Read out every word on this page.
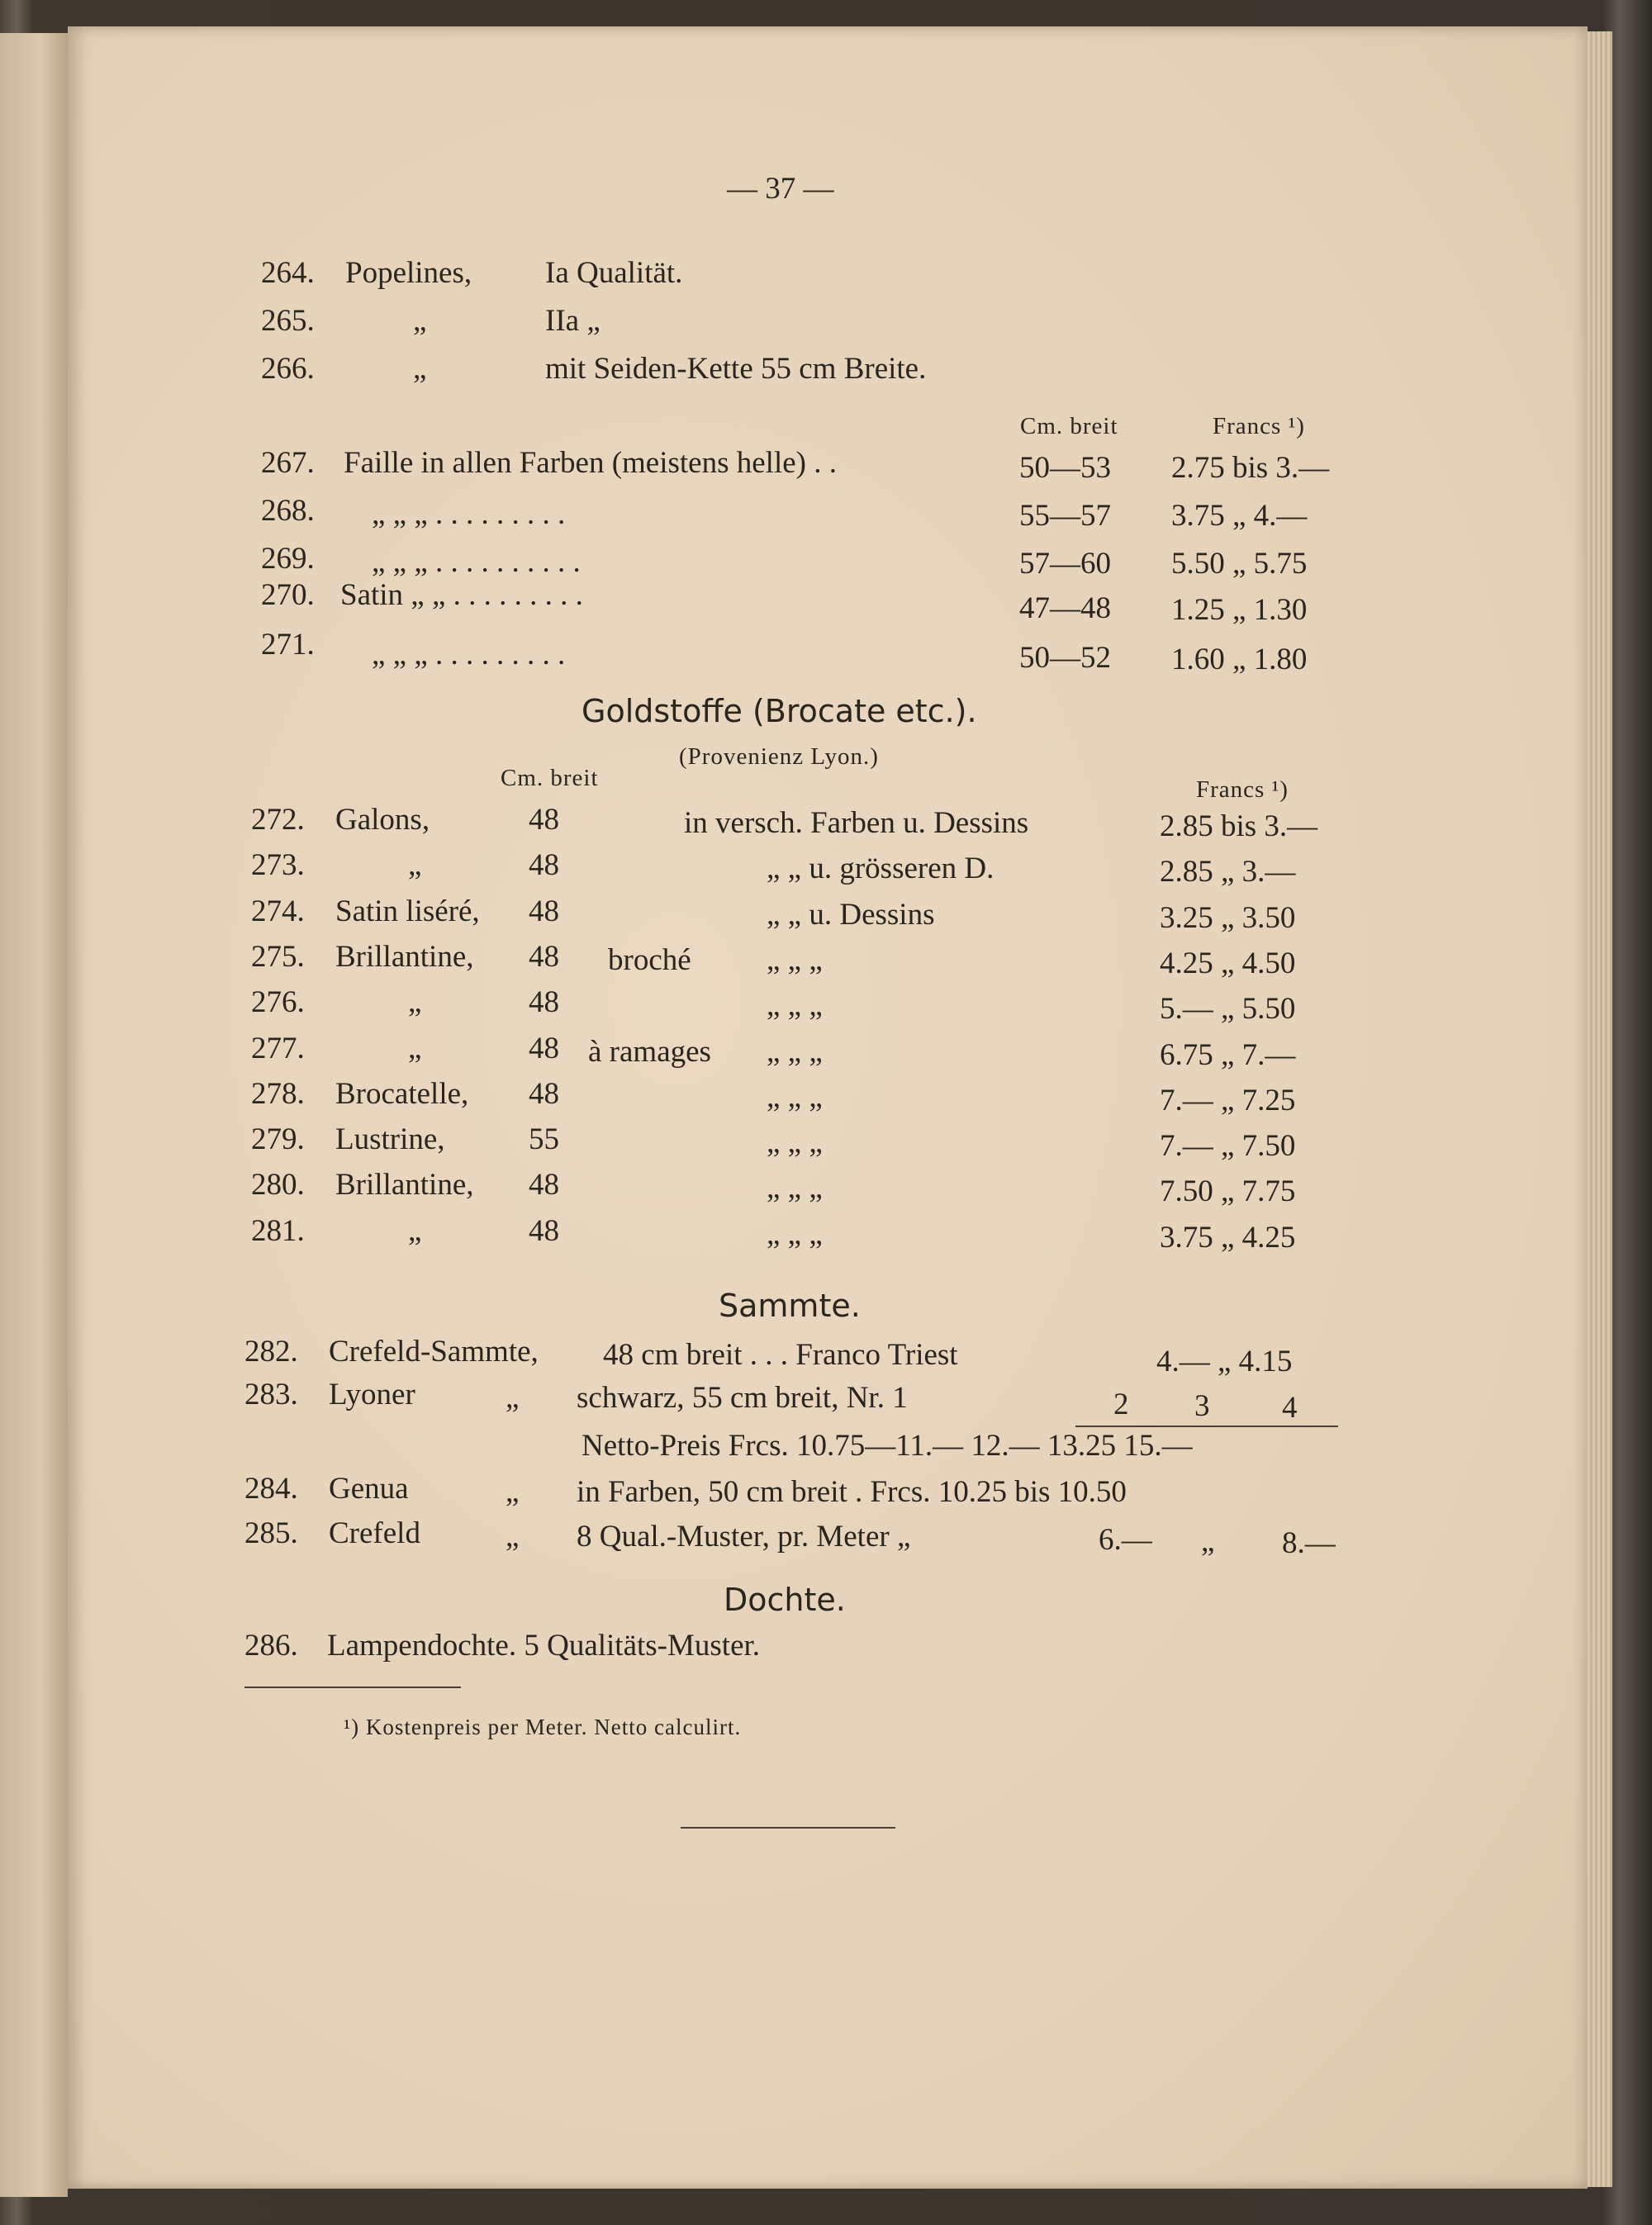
— 37 —
264. Popelines, Ia Qualität.
265.	„	IIa „
266.	„	mit Seiden-Kette 55 cm Breite.
Cm. breit	Francs ¹)
267. Faille in allen Farben (meistens helle) . .	50—53 2.75 bis 3.—
268. „ „ „ . . . . . . . . .	55—57 3.75 „ 4.—
269. „ „ „ . . . . . . . . . .	57—60 5.50 „ 5.75
270. Satin „ „ . . . . . . . . .	47—48 1.25 „ 1.30
271. „ „ „ . . . . . . . . .	50—52 1.60 „ 1.80
Goldstoffe (Brocate etc.).
(Provenienz Lyon.)
Cm. breit	Francs ¹)
272. Galons,	48	in versch. Farben u. Dessins	2.85 bis 3.—
273.	„	48	„ „ u. grösseren D.	2.85 „ 3.—
274. Satin liséré, 48	„ „ u. Dessins	3.25 „ 3.50
275. Brillantine, 48 broché „ „ „	4.25 „ 4.50
276.	„	48	„ „ „	5.— „ 5.50
277.	„	48 à ramages „ „ „	6.75 „ 7.—
278. Brocatelle, 48	„ „ „	7.— „ 7.25
279. Lustrine,	55	„ „ „	7.— „ 7.50
280. Brillantine, 48	„ „ „	7.50 „ 7.75
281.	„	48	„ „ „	3.75 „ 4.25
Sammte.
282. Crefeld-Sammte, 48 cm breit . . . Franco Triest	4.— „ 4.15
283. Lyoner	„ schwarz, 55 cm breit, Nr. 1	2 3 4
Netto-Preis Frcs. 10.75—11.— 12.— 13.25 15.—
284. Genua	„ in Farben, 50 cm breit . Frcs. 10.25 bis 10.50
285. Crefeld	„ 8 Qual.-Muster, pr. Meter „	6.— „ 8.—
Dochte.
286. Lampendochte. 5 Qualitäts-Muster.
¹) Kostenpreis per Meter. Netto calculirt.
